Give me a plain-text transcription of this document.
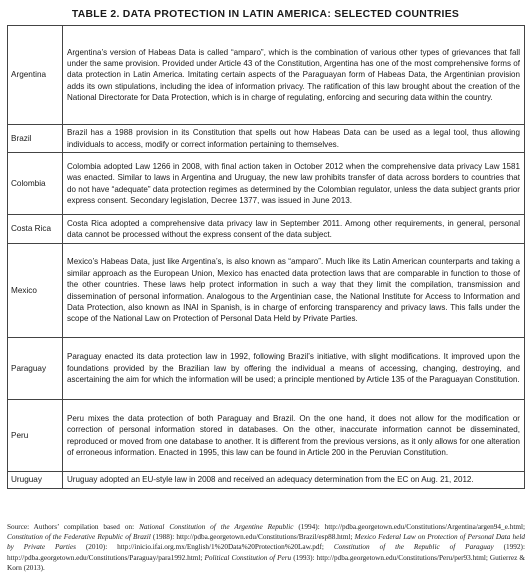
TABLE 2. DATA PROTECTION IN LATIN AMERICA: SELECTED COUNTRIES
Argentina	Argentina’s version of Habeas Data is called “amparo”, which is the combination of various other types of grievances that fall under the same provision. Provided under Article 43 of the Constitution, Argentina has one of the most comprehensive forms of data protection in Latin America. Imitating certain aspects of the Paraguayan form of Habeas Data, the Argentinian provision adds its own stipulations, including the idea of information privacy. The ratification of this law brought about the creation of the National Directorate for Data Protection, which is in charge of regulating, enforcing and securing data within the country.
Brazil	Brazil has a 1988 provision in its Constitution that spells out how Habeas Data can be used as a legal tool, thus allowing individuals to access, modify or correct information pertaining to themselves.
Colombia	Colombia adopted Law 1266 in 2008, with final action taken in October 2012 when the comprehensive data privacy Law 1581 was enacted. Similar to laws in Argentina and Uruguay, the new law prohibits transfer of data across borders to countries that do not have “adequate” data protection regimes as determined by the Colombian regulator, unless the data subject grants prior express consent. Secondary legislation, Decree 1377, was issued in June 2013.
Costa Rica	Costa Rica adopted a comprehensive data privacy law in September 2011. Among other requirements, in general, personal data cannot be processed without the express consent of the data subject.
Mexico	Mexico’s Habeas Data, just like Argentina’s, is also known as “amparo”. Much like its Latin American counterparts and taking a similar approach as the European Union, Mexico has enacted data protection laws that are comparable in function to those of the other countries. These laws help protect information in such a way that they limit the compilation, transmission and dissemination of personal information. Analogous to the Argentinian case, the National Institute for Access to Information and Data Protection, also known as INAI in Spanish, is in charge of enforcing transparency and privacy laws. This falls under the scope of the National Law on Protection of Personal Data Held by Private Parties.
Paraguay	Paraguay enacted its data protection law in 1992, following Brazil’s initiative, with slight modifications. It improved upon the foundations provided by the Brazilian law by offering the individual a means of accessing, changing, destroying, and ascertaining the aim for which the information will be used; a principle mentioned by Article 135 of the Paraguayan Constitution.
Peru	Peru mixes the data protection of both Paraguay and Brazil. On the one hand, it does not allow for the modification or correction of personal information stored in databases. On the other, inaccurate information cannot be disseminated, reproduced or moved from one database to another. It is different from the previous versions, as it only allows for one alteration of erroneous information. Enacted in 1995, this law can be found in Article 200 in the Peruvian Constitution.
Uruguay	Uruguay adopted an EU-style law in 2008 and received an adequacy determination from the EC on Aug. 21, 2012.
Source: Authors’ compilation based on: National Constitution of the Argentine Republic (1994): http://pdba.georgetown.edu/Constitutions/Argentina/argen94_e.html; Constitution of the Federative Republic of Brazil (1988): http://pdba.georgetown.edu/Constitutions/Brazil/esp88.html; Mexico Federal Law on Protection of Personal Data held by Private Parties (2010): http://inicio.ifai.org.mx/English/1%20Data%20Protection%20Law.pdf; Constitution of the Republic of Paraguay (1992): http://pdba.georgetown.edu/Constitutions/Paraguay/para1992.html; Political Constitution of Peru (1993): http://pdba.georgetown.edu/Constitutions/Peru/per93.html; Gutierrez & Korn (2013).
